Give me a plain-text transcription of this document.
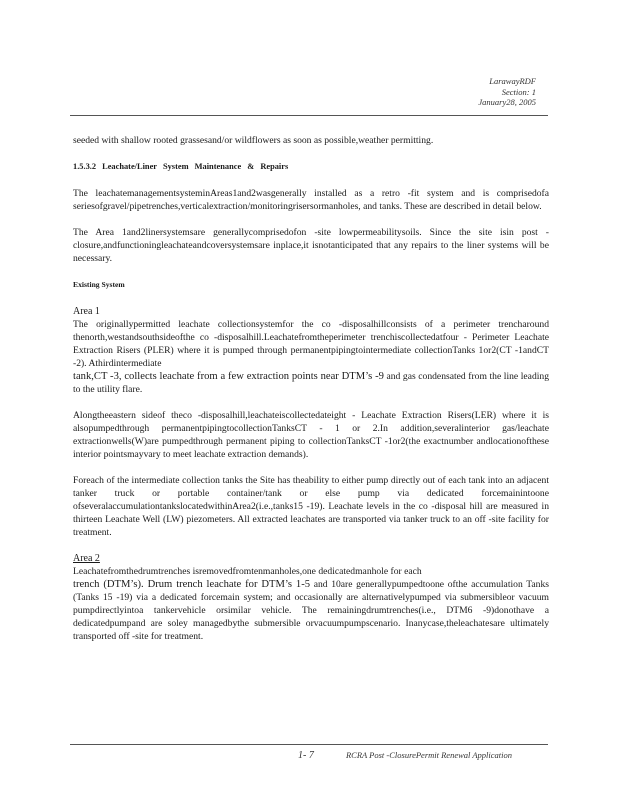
LarawayRDF
Section: 1
January28, 2005

seeded with shallow rooted grassesand/or wildflowers as soon as possible,weather permitting.

1.5.3.2 Leachate/Liner System Maintenance & Repairs

The leachatemanagementsysteminAreas1and2wasgenerally installed as a retro -fit system and is comprisedofa seriesofgravel/pipetrenches,verticalextraction/monitoringrisersormanholes, and tanks. These are described in detail below.

The Area 1and2linersystemsare generallycomprisedofon -site lowpermeabilitysoils. Since the site isin post -closure,andfunctioningleachateandcoversystemsare inplace,it isnotanticipated that any repairs to the liner systems will be necessary.

Existing System
Area 1

The originallypermitted leachate collectionsystemfor the co -disposalhillconsists of a perimeter trencharound thenorth,westandsouthsideofthe co -disposalhill.Leachatefromtheperimeter trenchiscollectedatfour - Perimeter Leachate Extraction Risers (PLER) where it is pumped through permanentpipingtointermediate collectionTanks 1or2(CT -1andCT -2). Athirdintermediate
tank,CT -3, collects leachate from a few extraction points near DTM’s -9 and gas condensated from the line leading to the utility flare.

Alongtheeastern sideof theco -disposalhill,leachateiscollectedateight - Leachate Extraction Risers(LER) where it is alsopumpedthrough permanentpipingtocollectionTanksCT - 1 or 2.In addition,severalinterior gas/leachate extractionwells(W)are pumpedthrough permanent piping to collectionTanksCT -1or2(the exactnumber andlocationofthese interior pointsmayvary to meet leachate extraction demands).

Foreach of the intermediate collection tanks the Site has theability to either pump directly out of each tank into an adjacent tanker truck or portable container/tank or else pump via dedicated forcemainintoone ofseveralaccumulationtankslocatedwithinArea2(i.e.,tanks15 -19). Leachate levels in the co -disposal hill are measured in thirteen Leachate Well (LW) piezometers. All extracted leachates are transported via tanker truck to an off -site facility for treatment.

Area 2

Leachatefromthedrumtrenches isremovedfromtenmanholes,one dedicatedmanhole for each
trench (DTM’s). Drum trench leachate for DTM’s 1-5 and 10are generallypumpedtoone ofthe accumulation Tanks (Tanks 15 -19) via a dedicated forcemain system; and occasionally are alternativelypumped via submersibleor vacuum pumpdirectlyintoa tankervehicle orsimilar vehicle. The remainingdrumtrenches(i.e., DTM6 -9)donothave a dedicatedpumpand are soley managedbythe submersible orvacuumpumpscenario. Inanycase,theleachatesare ultimately transported off -site for treatment.

1- 7	RCRA Post -ClosurePermit Renewal Application
